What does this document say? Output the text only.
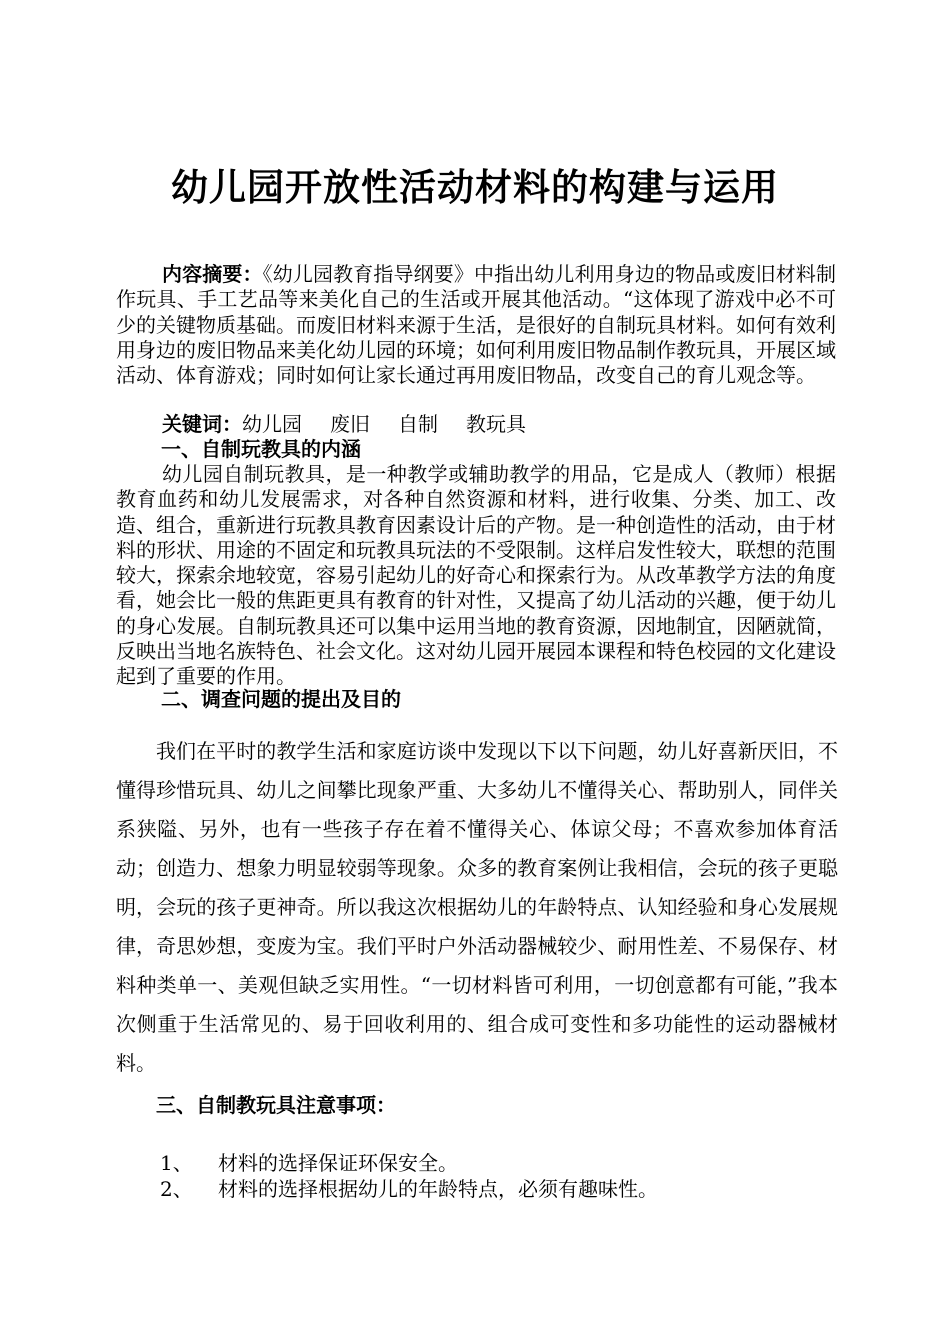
幼儿园开放性活动材料的构建与运用
内容摘要：《幼儿园教育指导纲要》中指出幼儿利用身边的物品或废旧材料制作玩具、手工艺品等来美化自己的生活或开展其他活动。“这体现了游戏中必不可少的关键物质基础。而废旧材料来源于生活，是很好的自制玩具材料。如何有效利用身边的废旧物品来美化幼儿园的环境；如何利用废旧物品制作教玩具，开展区域活动、体育游戏；同时如何让家长通过再用废旧物品，改变自己的育儿观念等。
关键词：幼儿园 废旧 自制 教玩具
一、自制玩教具的内涵
幼儿园自制玩教具，是一种教学或辅助教学的用品，它是成人（教师）根据教育血药和幼儿发展需求，对各种自然资源和材料，进行收集、分类、加工、改造、组合，重新进行玩教具教育因素设计后的产物。是一种创造性的活动，由于材料的形状、用途的不固定和玩教具玩法的不受限制。这样启发性较大，联想的范围较大，探索余地较宽，容易引起幼儿的好奇心和探索行为。从改革教学方法的角度看，她会比一般的焦距更具有教育的针对性，又提高了幼儿活动的兴趣，便于幼儿的身心发展。自制玩教具还可以集中运用当地的教育资源，因地制宜，因陋就简，反映出当地名族特色、社会文化。这对幼儿园开展园本课程和特色校园的文化建设起到了重要的作用。
二、调查问题的提出及目的
我们在平时的教学生活和家庭访谈中发现以下以下问题，幼儿好喜新厌旧，不懂得珍惜玩具、幼儿之间攀比现象严重、大多幼儿不懂得关心、帮助别人，同伴关系狭隘、另外，也有一些孩子存在着不懂得关心、体谅父母；不喜欢参加体育活动；创造力、想象力明显较弱等现象。众多的教育案例让我相信，会玩的孩子更聪明，会玩的孩子更神奇。所以我这次根据幼儿的年龄特点、认知经验和身心发展规律，奇思妙想，变废为宝。我们平时户外活动器械较少、耐用性差、不易保存、材料种类单一、美观但缺乏实用性。“一切材料皆可利用，一切创意都有可能，”我本次侧重于生活常见的、易于回收利用的、组合成可变性和多功能性的运动器械材料。
三、自制教玩具注意事项：
1、 材料的选择保证环保安全。
2、 材料的选择根据幼儿的年龄特点，必须有趣味性。
